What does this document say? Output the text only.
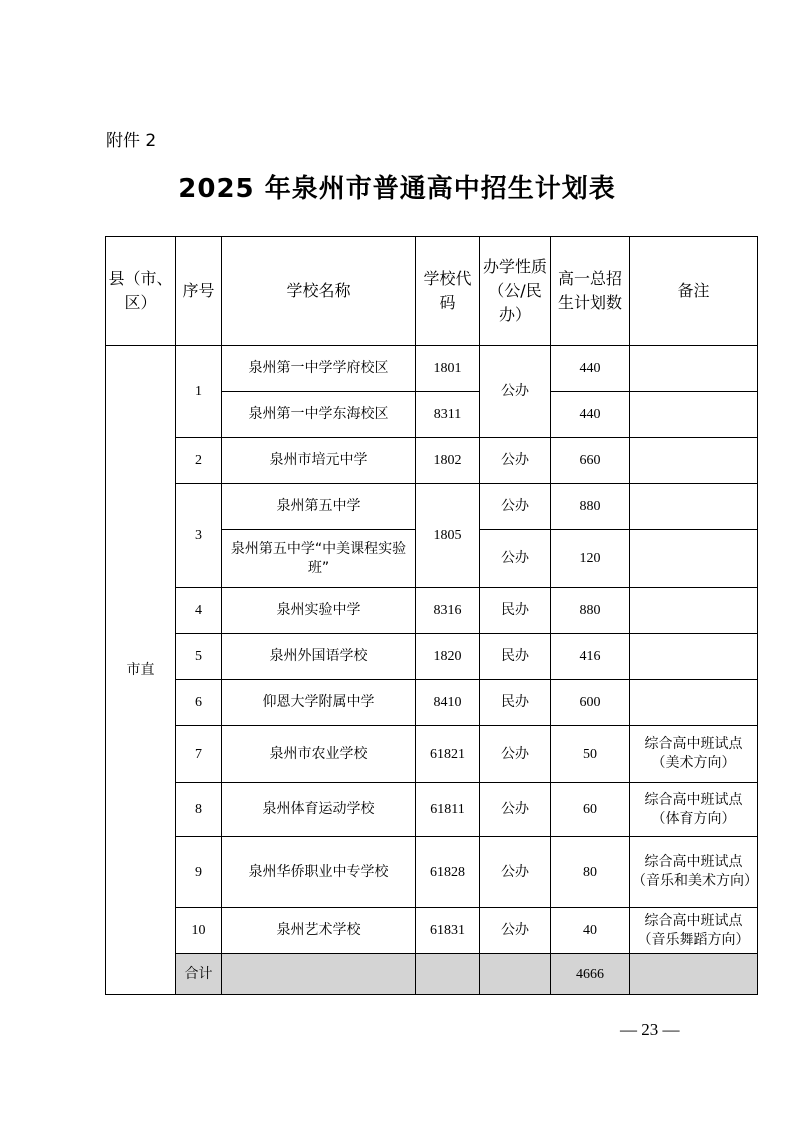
附件 2
2025 年泉州市普通高中招生计划表
县（市、区）	序号	学校名称	学校代码	办学性质（公/民办）	高一总招生计划数	备注
市直	1	泉州第一中学学府校区	1801	公办	440	
		泉州第一中学东海校区	8311		440	
	2	泉州市培元中学	1802	公办	660	
	3	泉州第五中学	1805	公办	880	
		泉州第五中学“中美课程实验班”		公办	120	
	4	泉州实验中学	8316	民办	880	
	5	泉州外国语学校	1820	民办	416	
	6	仰恩大学附属中学	8410	民办	600	
	7	泉州市农业学校	61821	公办	50	综合高中班试点（美术方向）
	8	泉州体育运动学校	61811	公办	60	综合高中班试点（体育方向）
	9	泉州华侨职业中专学校	61828	公办	80	综合高中班试点（音乐和美术方向）
	10	泉州艺术学校	61831	公办	40	综合高中班试点（音乐舞蹈方向）
	合计				4666	
— 23 —
